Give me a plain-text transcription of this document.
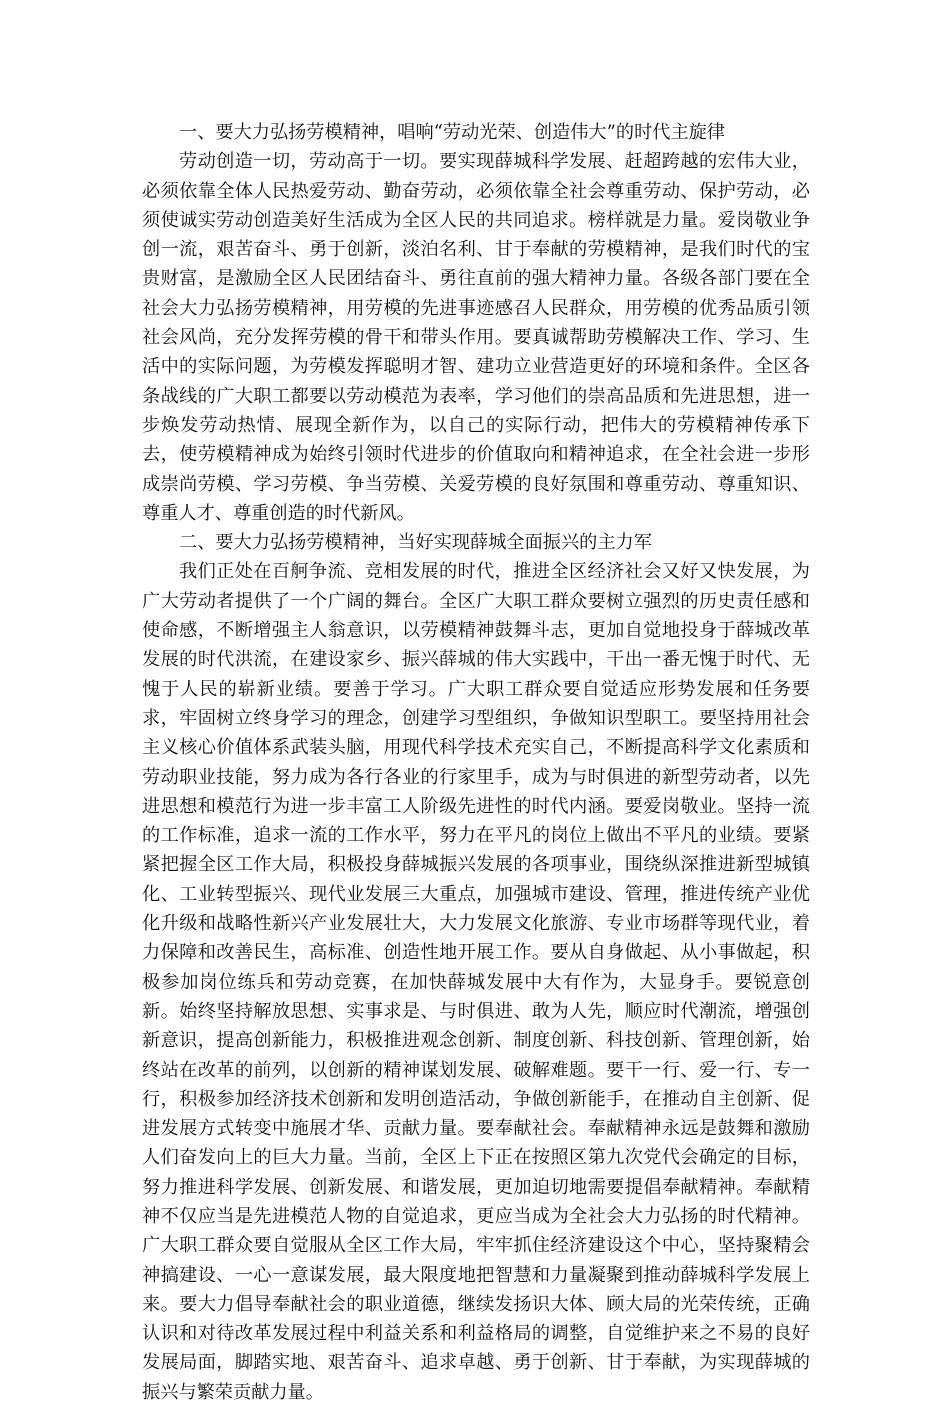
一、要大力弘扬劳模精神，唱响“劳动光荣、创造伟大”的时代主旋律

劳动创造一切，劳动高于一切。要实现薛城科学发展、赶超跨越的宏伟大业，必须依靠全体人民热爱劳动、勤奋劳动，必须依靠全社会尊重劳动、保护劳动，必须使诚实劳动创造美好生活成为全区人民的共同追求。榜样就是力量。爱岗敬业争创一流，艰苦奋斗、勇于创新，淡泊名利、甘于奉献的劳模精神，是我们时代的宝贵财富，是激励全区人民团结奋斗、勇往直前的强大精神力量。各级各部门要在全社会大力弘扬劳模精神，用劳模的先进事迹感召人民群众，用劳模的优秀品质引领社会风尚，充分发挥劳模的骨干和带头作用。要真诚帮助劳模解决工作、学习、生活中的实际问题，为劳模发挥聪明才智、建功立业营造更好的环境和条件。全区各条战线的广大职工都要以劳动模范为表率，学习他们的崇高品质和先进思想，进一步焕发劳动热情、展现全新作为，以自己的实际行动，把伟大的劳模精神传承下去，使劳模精神成为始终引领时代进步的价值取向和精神追求，在全社会进一步形成崇尚劳模、学习劳模、争当劳模、关爱劳模的良好氛围和尊重劳动、尊重知识、尊重人才、尊重创造的时代新风。

二、要大力弘扬劳模精神，当好实现薛城全面振兴的主力军

我们正处在百舸争流、竞相发展的时代，推进全区经济社会又好又快发展，为广大劳动者提供了一个广阔的舞台。全区广大职工群众要树立强烈的历史责任感和使命感，不断增强主人翁意识，以劳模精神鼓舞斗志，更加自觉地投身于薛城改革发展的时代洪流，在建设家乡、振兴薛城的伟大实践中，干出一番无愧于时代、无愧于人民的崭新业绩。要善于学习。广大职工群众要自觉适应形势发展和任务要求，牢固树立终身学习的理念，创建学习型组织，争做知识型职工。要坚持用社会主义核心价值体系武装头脑，用现代科学技术充实自己，不断提高科学文化素质和劳动职业技能，努力成为各行各业的行家里手，成为与时俱进的新型劳动者，以先进思想和模范行为进一步丰富工人阶级先进性的时代内涵。要爱岗敬业。坚持一流的工作标准，追求一流的工作水平，努力在平凡的岗位上做出不平凡的业绩。要紧紧把握全区工作大局，积极投身薛城振兴发展的各项事业，围绕纵深推进新型城镇化、工业转型振兴、现代业发展三大重点，加强城市建设、管理，推进传统产业优化升级和战略性新兴产业发展壮大，大力发展文化旅游、专业市场群等现代业，着力保障和改善民生，高标准、创造性地开展工作。要从自身做起、从小事做起，积极参加岗位练兵和劳动竞赛，在加快薛城发展中大有作为，大显身手。要锐意创新。始终坚持解放思想、实事求是、与时俱进、敢为人先，顺应时代潮流，增强创新意识，提高创新能力，积极推进观念创新、制度创新、科技创新、管理创新，始终站在改革的前列，以创新的精神谋划发展、破解难题。要干一行、爱一行、专一行，积极参加经济技术创新和发明创造活动，争做创新能手，在推动自主创新、促进发展方式转变中施展才华、贡献力量。要奉献社会。奉献精神永远是鼓舞和激励人们奋发向上的巨大力量。当前，全区上下正在按照区第九次党代会确定的目标，努力推进科学发展、创新发展、和谐发展，更加迫切地需要提倡奉献精神。奉献精神不仅应当是先进模范人物的自觉追求，更应当成为全社会大力弘扬的时代精神。广大职工群众要自觉服从全区工作大局，牢牢抓住经济建设这个中心，坚持聚精会神搞建设、一心一意谋发展，最大限度地把智慧和力量凝聚到推动薛城科学发展上来。要大力倡导奉献社会的职业道德，继续发扬识大体、顾大局的光荣传统，正确认识和对待改革发展过程中利益关系和利益格局的调整，自觉维护来之不易的良好发展局面，脚踏实地、艰苦奋斗、追求卓越、勇于创新、甘于奉献，为实现薛城的振兴与繁荣贡献力量。
